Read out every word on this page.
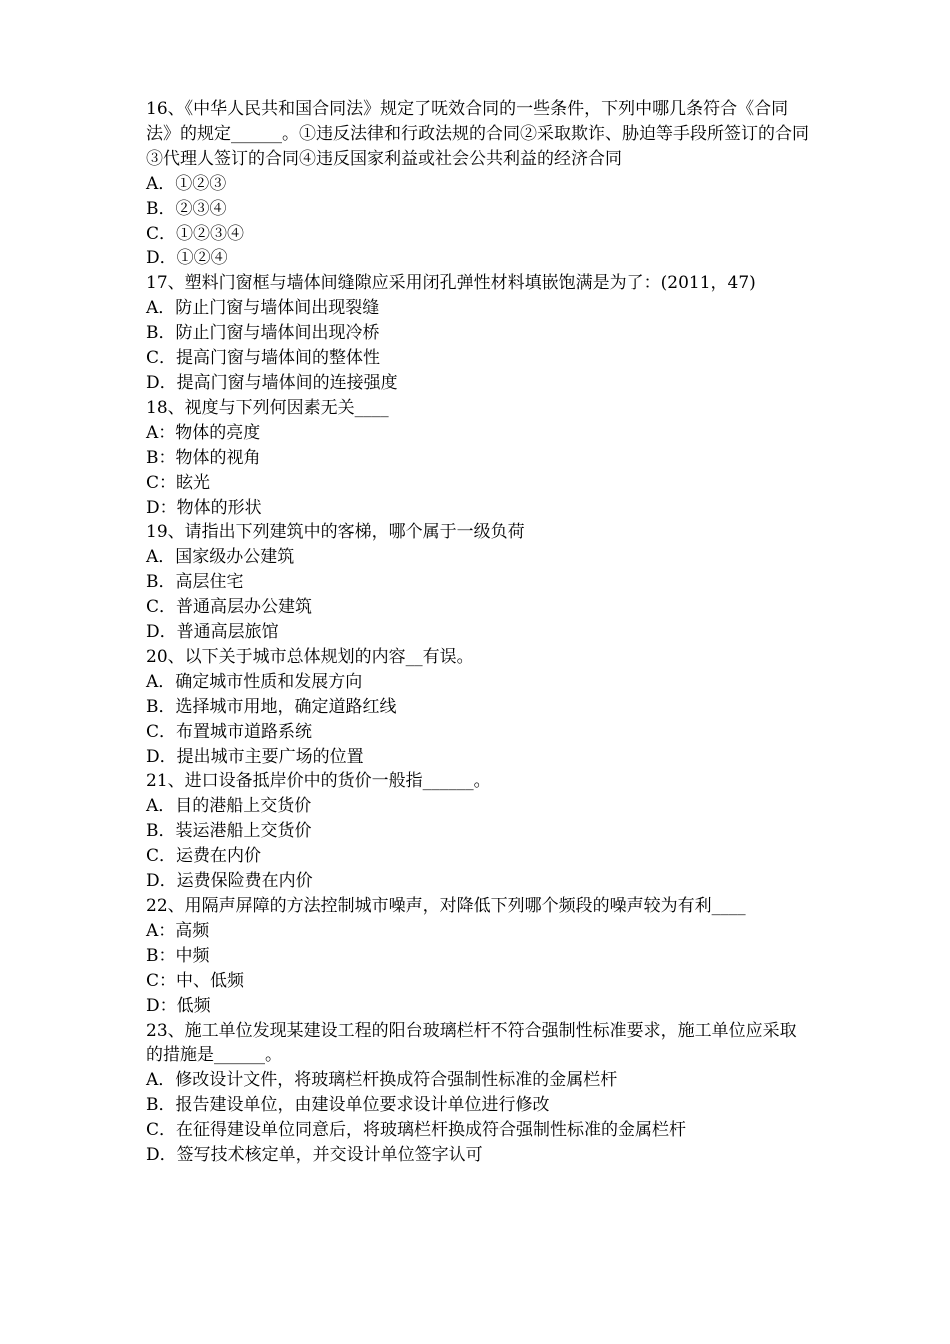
16、《中华人民共和国合同法》规定了呒效合同的一些条件，下列中哪几条符合《合同法》的规定______。①违反法律和行政法规的合同②采取欺诈、胁迫等手段所签订的合同③代理人签订的合同④违反国家利益或社会公共利益的经济合同

A．①②③

B．②③④

C．①②③④

D．①②④

17、塑料门窗框与墙体间缝隙应采用闭孔弹性材料填嵌饱满是为了：(2011，47)

A．防止门窗与墙体间出现裂缝

B．防止门窗与墙体间出现冷桥

C．提高门窗与墙体间的整体性

D．提高门窗与墙体间的连接强度

18、视度与下列何因素无关____

A：物体的亮度

B：物体的视角

C：眩光

D：物体的形状

19、请指出下列建筑中的客梯，哪个属于一级负荷

A．国家级办公建筑

B．高层住宅

C．普通高层办公建筑

D．普通高层旅馆

20、以下关于城市总体规划的内容__有误。

A．确定城市性质和发展方向

B．选择城市用地，确定道路红线

C．布置城市道路系统

D．提出城市主要广场的位置

21、进口设备抵岸价中的货价一般指______。

A．目的港船上交货价

B．装运港船上交货价

C．运费在内价

D．运费保险费在内价

22、用隔声屏障的方法控制城市噪声，对降低下列哪个频段的噪声较为有利____

A：高频

B：中频

C：中、低频

D：低频

23、施工单位发现某建设工程的阳台玻璃栏杆不符合强制性标准要求，施工单位应采取的措施是______。

A．修改设计文件，将玻璃栏杆换成符合强制性标准的金属栏杆

B．报告建设单位，由建设单位要求设计单位进行修改

C．在征得建设单位同意后，将玻璃栏杆换成符合强制性标准的金属栏杆

D．签写技术核定单，并交设计单位签字认可
